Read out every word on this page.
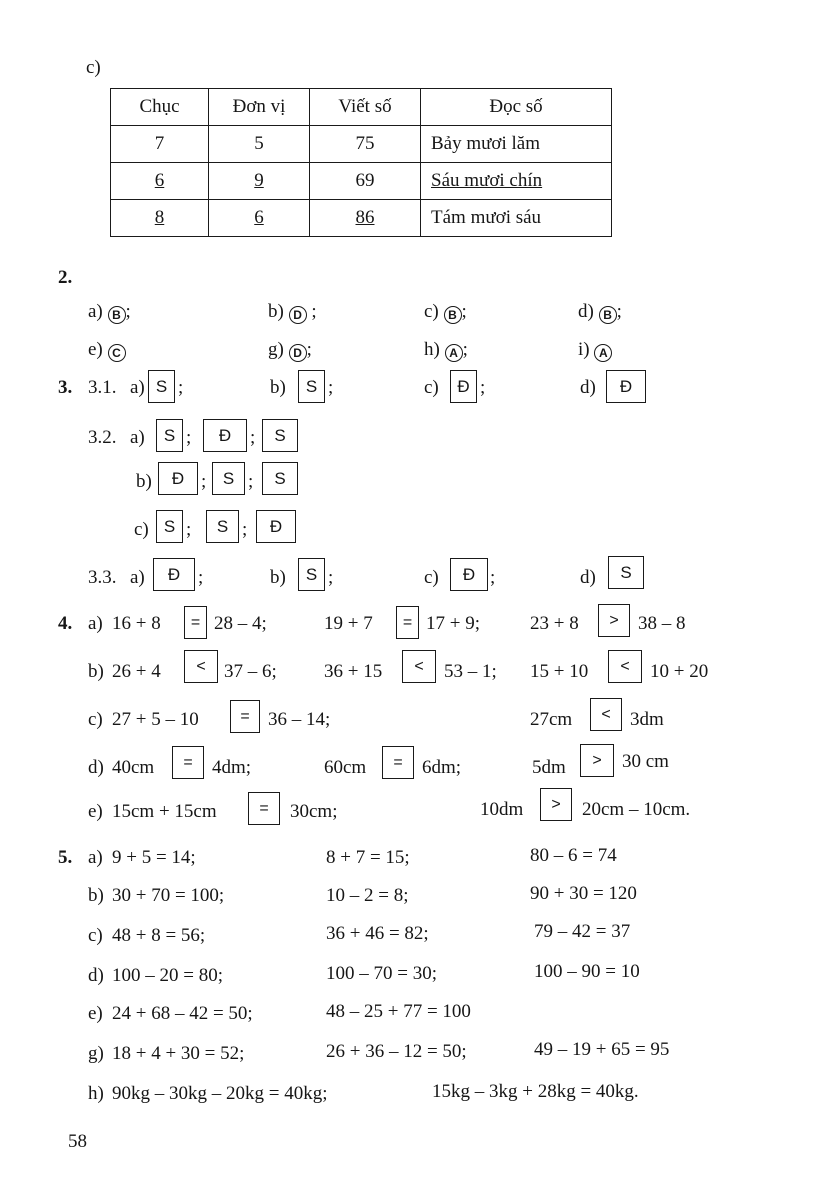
c)
Chục	Đơn vị	Viết số	Đọc số
7	5	75	Bảy mươi lăm
6	9	69	Sáu mươi chín
8	6	86	Tám mươi sáu
2.
a) B ;	b) D ;	c) B ;	d) B ;
e) C	g) D ;	h) A ;	i) A
3. 3.1. a) S ;	b)	S ;	c)	Đ ;	d)	Đ
3.2. a)	S ;	Đ ;	S
b)	Đ ; S ;	S
c) S ;	S ;	Đ
3.3. a)	Đ ;	b)	S ;	c)	Đ ;	d)	S
4. a) 16 + 8	= 28 – 4;	19 + 7	= 17 + 9;	23 + 8	>	38 – 8
b) 26 + 4	< 37 – 6; 36 + 15	<	53 – 1; 15 + 10	<	10 + 20
c) 27 + 5 – 10	= 36 – 14;	27cm	<	3dm
d) 40cm	=	4dm;	60cm	=	6dm;	5dm	>	30 cm
e) 15cm + 15cm	=	30cm;	10dm	>	20cm – 10cm.
5. a) 9 + 5 = 14;	8 + 7 = 15;	80 – 6 = 74
b) 30 + 70 = 100;	10 – 2 = 8;	90 + 30 = 120
c) 48 + 8 = 56;	36 + 46 = 82;	79 – 42 = 37
d) 100 – 20 = 80;	100 – 70 = 30;	100 – 90 = 10
e) 24 + 68 – 42 = 50;	48 – 25 + 77 = 100
g) 18 + 4 + 30 = 52;	26 + 36 – 12 = 50;	49 – 19 + 65 = 95
h) 90kg – 30kg – 20kg = 40kg;	15kg – 3kg + 28kg = 40kg.
58
